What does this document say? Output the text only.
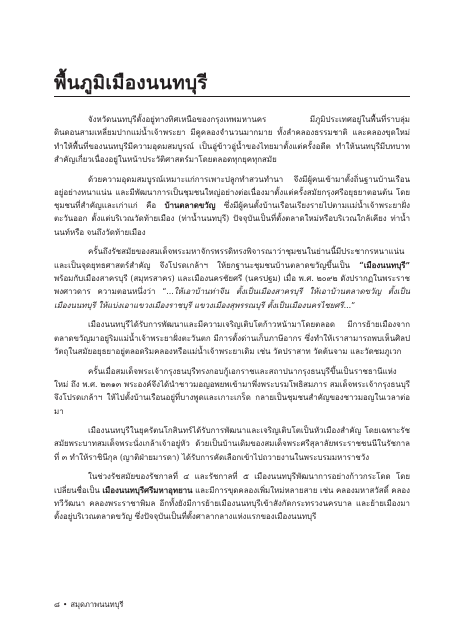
พื้นภูมิเมืองนนทบุรี

จังหวัดนนทบุรีตั้งอยู่ทางทิศเหนือของกรุงเทพมหานคร มีภูมิประเทศอยู่ในพื้นที่ราบลุ่มดินดอนสามเหลี่ยมปากแม่น้ำเจ้าพระยา มีคูคลองจำนวนมากมาย ทั้งลำคลองธรรมชาติ และคลองขุดใหม่ ทำให้พื้นที่ของนนทบุรีมีความอุดมสมบูรณ์ เป็นอู่ข้าวอู่น้ำของไทยมาตั้งแต่ครั้งอดีต ทำให้นนทบุรีมีบทบาทสำคัญเกี่ยวเนื่องอยู่ในหน้าประวัติศาสตร์มาโดยตลอดทุกยุคทุกสมัย

ด้วยความอุดมสมบูรณ์เหมาะแก่การเพาะปลูกทำสวนทำนา จึงมีผู้คนเข้ามาตั้งถิ่นฐานบ้านเรือนอยู่อย่างหนาแน่น และมีพัฒนาการเป็นชุมชนใหญ่อย่างต่อเนื่องมาตั้งแต่ครั้งสมัยกรุงศรีอยุธยาตอนต้น โดยชุมชนที่สำคัญและเก่าแก่ คือ บ้านตลาดขวัญ ซึ่งมีผู้คนตั้งบ้านเรือนเรียงรายไปตามแม่น้ำเจ้าพระยาฝั่งตะวันออก ตั้งแต่บริเวณวัดท้ายเมือง (ท่าน้ำนนทบุรี) ปัจจุบันเป็นที่ตั้งตลาดใหม่หรือบริเวณใกล้เคียง ท่าน้ำนนท์หรือ จนถึงวัดท้ายเมือง

ครั้นถึงรัชสมัยของสมเด็จพระมหาจักรพรรดิทรงพิจารณาว่าชุมชนในย่านนี้มีประชากรหนาแน่นและเป็นจุดยุทธศาสตร์สำคัญ จึงโปรดเกล้าฯ ให้ยกฐานะชุมชนบ้านตลาดขวัญขึ้นเป็น “เมืองนนทบุรี” พร้อมกับเมืองสาครบุรี (สมุทรสาคร) และเมืองนครชัยศรี (นครปฐม) เมื่อ พ.ศ. ๒๐๙๒ ดังปรากฏในพระราชพงศาวดาร ความตอนหนึ่งว่า “...ให้เอาบ้านท่าจีน ตั้งเป็นเมืองสาครบุรี ให้เอาบ้านตลาดขวัญ ตั้งเป็นเมืองนนทบุรี ให้แบ่งเอาแขวงเมืองราชบุรี แขวงเมืองสุพรรณบุรี ตั้งเป็นเมืองนครไชยศรี...”

เมืองนนทบุรีได้รับการพัฒนาและมีความเจริญเติบโตก้าวหน้ามาโดยตลอด มีการย้ายเมืองจากตลาดขวัญมาอยู่ริมแม่น้ำเจ้าพระยาฝั่งตะวันตก มีการตั้งด่านเก็บภาษีอากร ซึ่งทำให้เราสามารถพบเห็นศิลปวัตถุในสมัยอยุธยาอยู่ตลอดริมคลองหรือแม่น้ำเจ้าพระยาเดิม เช่น วัดปราสาท วัดต้นจาม และวัดชมภูเวก

ครั้นเมื่อสมเด็จพระเจ้ากรุงธนบุรีทรงกอบกู้เอกราชและสถาปนากรุงธนบุรีขึ้นเป็นราชธานีแห่งใหม่ ถึง พ.ศ. ๒๓๑๓ พระองค์จึงได้นำชาวมอญอพยพเข้ามาพึ่งพระบรมโพธิสมภาร สมเด็จพระเจ้ากรุงธนบุรีจึงโปรดเกล้าฯ ให้ไปตั้งบ้านเรือนอยู่ที่บางพูดและเกาะเกร็ด กลายเป็นชุมชนสำคัญของชาวมอญในเวลาต่อมา

เมืองนนทบุรีในยุครัตนโกสินทร์ได้รับการพัฒนาและเจริญเติบโตเป็นหัวเมืองสำคัญ โดยเฉพาะรัชสมัยพระบาทสมเด็จพระนั่งเกล้าเจ้าอยู่หัว ด้วยเป็นบ้านเดิมของสมเด็จพระศรีสุลาลัยพระราชชนนีในรัชกาลที่ ๓ ทำให้ราชินีกุล (ญาติฝ่ายมารดา) ได้รับการคัดเลือกเข้าไปถวายงานในพระบรมมหาราชวัง

ในช่วงรัชสมัยของรัชกาลที่ ๔ และรัชกาลที่ ๕ เมืองนนทบุรีพัฒนาการอย่างก้าวกระโดด โดยเปลี่ยนชื่อเป็น เมืองนนทบุรีศรีมหาอุทยาน และมีการขุดคลองเพิ่มใหม่หลายสาย เช่น คลองมหาสวัสดิ์ คลองทวีวัฒนา คลองพระราชาพิมล อีกทั้งยังมีการย้ายเมืองนนทบุรีเข้าสังกัดกระทรวงนครบาล และย้ายเมืองมาตั้งอยู่บริเวณตลาดขวัญ ซึ่งปัจจุบันเป็นที่ตั้งศาลากลางแห่งแรกของเมืองนนทบุรี

๘ • สมุดภาพนนทบุรี
